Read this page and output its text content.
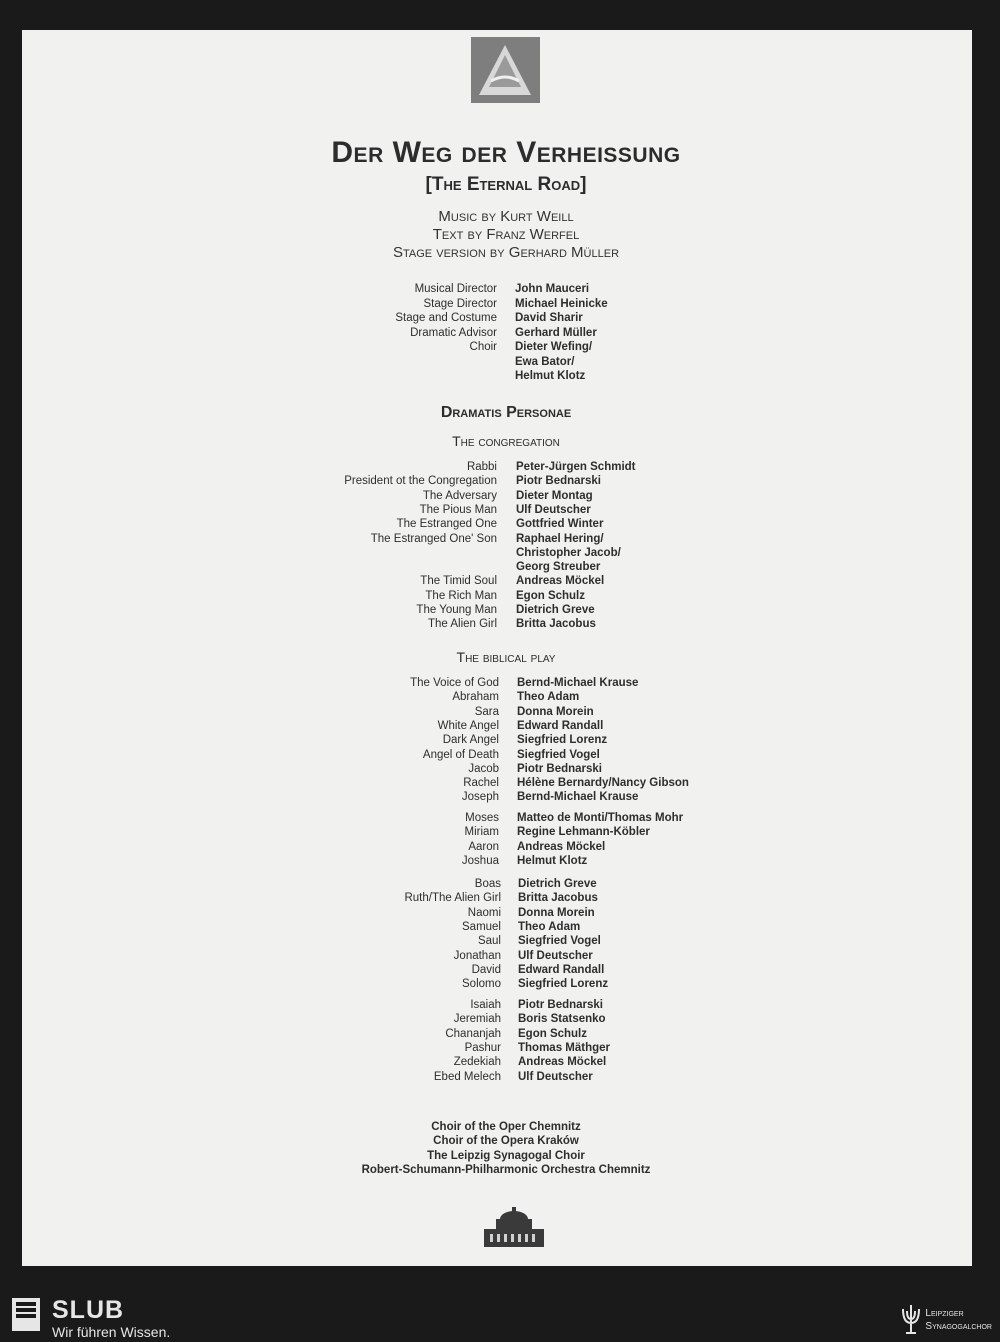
Der Weg der Verheissung
[The Eternal Road]
Music by Kurt Weill
Text by Franz Werfel
Stage version by Gerhard Müller
Musical Director John Mauceri
Stage Director Michael Heinicke
Stage and Costume David Sharir
Dramatic Advisor Gerhard Müller
Choir Dieter Wefing/
Ewa Bator/
Helmut Klotz
Dramatis Personae
The congregation
Rabbi Peter-Jürgen Schmidt
President ot the Congregation Piotr Bednarski
The Adversary Dieter Montag
The Pious Man Ulf Deutscher
The Estranged One Gottfried Winter
The Estranged One' Son Raphael Hering/
Christopher Jacob/
Georg Streuber
The Timid Soul Andreas Möckel
The Rich Man Egon Schulz
The Young Man Dietrich Greve
The Alien Girl Britta Jacobus
The biblical play
The Voice of God Bernd-Michael Krause
Abraham Theo Adam
Sara Donna Morein
White Angel Edward Randall
Dark Angel Siegfried Lorenz
Angel of Death Siegfried Vogel
Jacob Piotr Bednarski
Rachel Hélène Bernardy/Nancy Gibson
Joseph Bernd-Michael Krause
Moses Matteo de Monti/Thomas Mohr
Miriam Regine Lehmann-Köbler
Aaron Andreas Möckel
Joshua Helmut Klotz
Boas Dietrich Greve
Ruth/The Alien Girl Britta Jacobus
Naomi Donna Morein
Samuel Theo Adam
Saul Siegfried Vogel
Jonathan Ulf Deutscher
David Edward Randall
Solomo Siegfried Lorenz
Isaiah Piotr Bednarski
Jeremiah Boris Statsenko
Chananjah Egon Schulz
Pashur Thomas Mäthger
Zedekiah Andreas Möckel
Ebed Melech Ulf Deutscher
Choir of the Oper Chemnitz
Choir of the Opera Kraków
The Leipzig Synagogal Choir
Robert-Schumann-Philharmonic Orchestra Chemnitz
SLUB
Wir führen Wissen.
Leipziger
Synagogalchor
